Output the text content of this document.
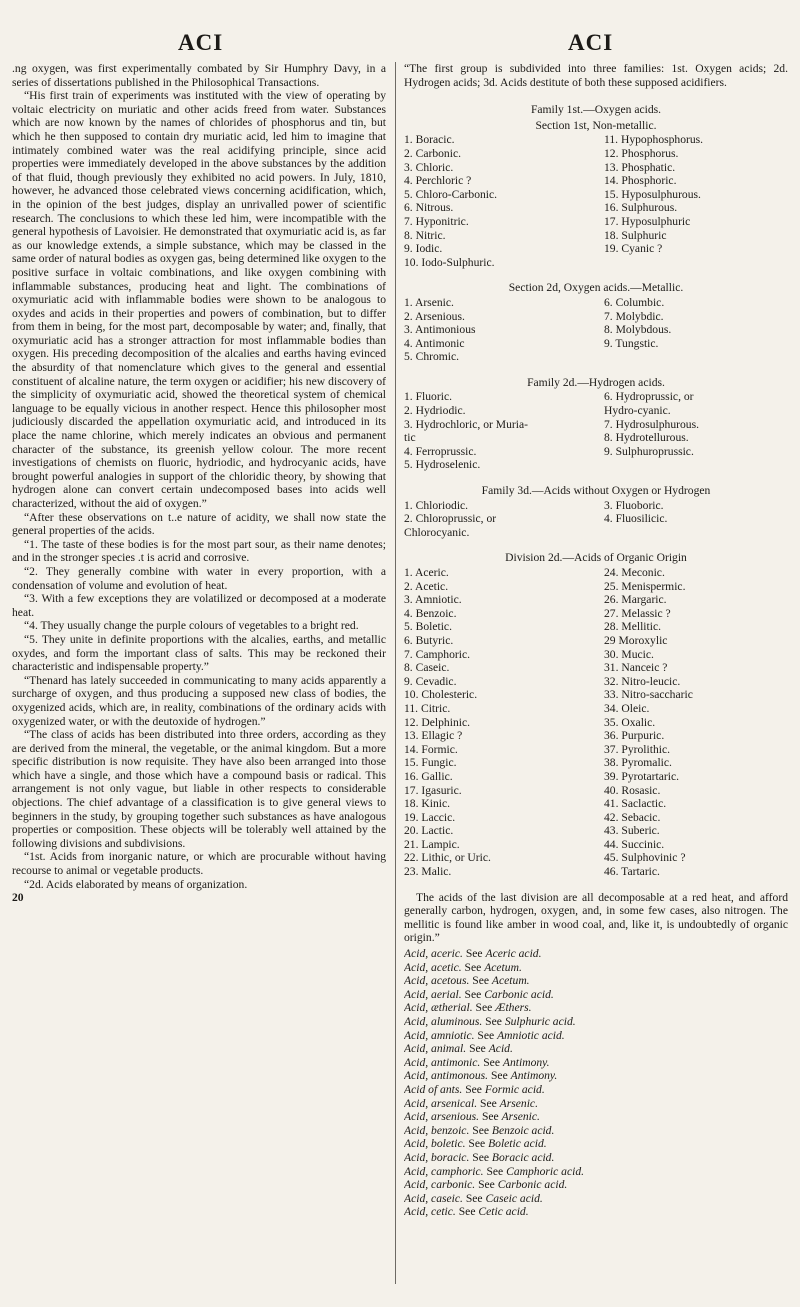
ACI	ACI

.ng oxygen, was first experimentally combated by Sir Humphry Davy, in a series of dissertations published in the Philosophical Transactions.

“His first train of experiments was instituted with the view of operating by voltaic electricity on muriatic and other acids freed from water. Substances which are now known by the names of chlorides of phosphorus and tin, but which he then supposed to contain dry muriatic acid, led him to imagine that intimately combined water was the real acidifying principle, since acid properties were immediately developed in the above substances by the addition of that fluid, though previously they exhibited no acid powers. In July, 1810, however, he advanced those celebrated views concerning acidification, which, in the opinion of the best judges, display an unrivalled power of scientific research. The conclusions to which these led him, were incompatible with the general hypothesis of Lavoisier. He demonstrated that oxymuriatic acid is, as far as our knowledge extends, a simple substance, which may be classed in the same order of natural bodies as oxygen gas, being determined like oxygen to the positive surface in voltaic combinations, and like oxygen combining with inflammable substances, producing heat and light. The combinations of oxymuriatic acid with inflammable bodies were shown to be analogous to oxydes and acids in their properties and powers of combination, but to differ from them in being, for the most part, decomposable by water; and, finally, that oxymuriatic acid has a stronger attraction for most inflammable bodies than oxygen. His preceding decomposition of the alcalies and earths having evinced the absurdity of that nomenclature which gives to the general and essential constituent of alcaline nature, the term oxygen or acidifier; his new discovery of the simplicity of oxymuriatic acid, showed the theoretical system of chemical language to be equally vicious in another respect. Hence this philosopher most judiciously discarded the appellation oxymuriatic acid, and introduced in its place the name chlorine, which merely indicates an obvious and permanent character of the substance, its greenish yellow colour. The more recent investigations of chemists on fluoric, hydriodic, and hydrocyanic acids, have brought powerful analogies in support of the chloridic theory, by showing that hydrogen alone can convert certain undecomposed bases into acids well characterized, without the aid of oxygen.”

“After these observations on t..e nature of acidity, we shall now state the general properties of the acids.

“1. The taste of these bodies is for the most part sour, as their name denotes; and in the stronger species .t is acrid and corrosive.

“2. They generally combine with water in every proportion, with a condensation of volume and evolution of heat.

“3. With a few exceptions they are volatilized or decomposed at a moderate heat.

“4. They usually change the purple colours of vegetables to a bright red.

“5. They unite in definite proportions with the alcalies, earths, and metallic oxydes, and form the important class of salts. This may be reckoned their characteristic and indispensable property.”

“Thenard has lately succeeded in communicating to many acids apparently a surcharge of oxygen, and thus producing a supposed new class of bodies, the oxygenized acids, which are, in reality, combinations of the ordinary acids with oxygenized water, or with the deutoxide of hydrogen.”

“The class of acids has been distributed into three orders, according as they are derived from the mineral, the vegetable, or the animal kingdom. But a more specific distribution is now requisite. They have also been arranged into those which have a single, and those which have a compound basis or radical. This arrangement is not only vague, but liable in other respects to considerable objections. The chief advantage of a classification is to give general views to beginners in the study, by grouping together such substances as have analogous properties or composition. These objects will be tolerably well attained by the following divisions and subdivisions.

“1st. Acids from inorganic nature, or which are procurable without having recourse to animal or vegetable products.

“2d. Acids elaborated by means of organization.

20

“The first group is subdivided into three families: 1st. Oxygen acids; 2d. Hydrogen acids; 3d. Acids destitute of both these supposed acidifiers.

Family 1st.—Oxygen acids.

Section 1st, Non-metallic.

1. Boracic.	11. Hypophosphorus.
2. Carbonic.	12. Phosphorus.
3. Chloric.	13. Phosphatic.
4. Perchloric ?	14. Phosphoric.
5. Chloro-Carbonic.	15. Hyposulphurous.
6. Nitrous.	16. Sulphurous.
7. Hyponitric.	17. Hyposulphuric
8. Nitric.	18. Sulphuric
9. Iodic.	19. Cyanic ?
10. Iodo-Sulphuric.	

Section 2d, Oxygen acids.—Metallic.

1. Arsenic.	6. Columbic.
2. Arsenious.	7. Molybdic.
3. Antimonious	8. Molybdous.
4. Antimonic	9. Tungstic.
5. Chromic.	

Family 2d.—Hydrogen acids.

1. Fluoric.	6. Hydroprussic, or
2. Hydriodic.	Hydro-cyanic.
3. Hydrochloric, or Muria-	7. Hydrosulphurous.
tic	8. Hydrotellurous.
4. Ferroprussic.	9. Sulphuroprussic.
5. Hydroselenic.	

Family 3d.—Acids without Oxygen or Hydrogen

1. Chloriodic.	3. Fluoboric.
2. Chloroprussic, or	4. Fluosilicic.
Chlorocyanic.	

Division 2d.—Acids of Organic Origin

1. Aceric.	24. Meconic.
2. Acetic.	25. Menispermic.
3. Amniotic.	26. Margaric.
4. Benzoic.	27. Melassic ?
5. Boletic.	28. Mellitic.
6. Butyric.	29 Moroxylic
7. Camphoric.	30. Mucic.
8. Caseic.	31. Nanceic ?
9. Cevadic.	32. Nitro-leucic.
10. Cholesteric.	33. Nitro-saccharic
11. Citric.	34. Oleic.
12. Delphinic.	35. Oxalic.
13. Ellagic ?	36. Purpuric.
14. Formic.	37. Pyrolithic.
15. Fungic.	38. Pyromalic.
16. Gallic.	39. Pyrotartaric.
17. Igasuric.	40. Rosasic.
18. Kinic.	41. Saclactic.
19. Laccic.	42. Sebacic.
20. Lactic.	43. Suberic.
21. Lampic.	44. Succinic.
22. Lithic, or Uric.	45. Sulphovinic ?
23. Malic.	46. Tartaric.

The acids of the last division are all decomposable at a red heat, and afford generally carbon, hydrogen, oxygen, and, in some few cases, also nitrogen. The mellitic is found like amber in wood coal, and, like it, is undoubtedly of organic origin.”

Acid, aceric. See Aceric acid.

Acid, acetic. See Acetum.

Acid, acetous. See Acetum.

Acid, aerial. See Carbonic acid.

Acid, ætherial. See Æthers.

Acid, aluminous. See Sulphuric acid.

Acid, amniotic. See Amniotic acid.

Acid, animal. See Acid.

Acid, antimonic. See Antimony.

Acid, antimonous. See Antimony.

Acid of ants. See Formic acid.

Acid, arsenical. See Arsenic.

Acid, arsenious. See Arsenic.

Acid, benzoic. See Benzoic acid.

Acid, boletic. See Boletic acid.

Acid, boracic. See Boracic acid.

Acid, camphoric. See Camphoric acid.

Acid, carbonic. See Carbonic acid.

Acid, caseic. See Caseic acid.

Acid, cetic. See Cetic acid.
